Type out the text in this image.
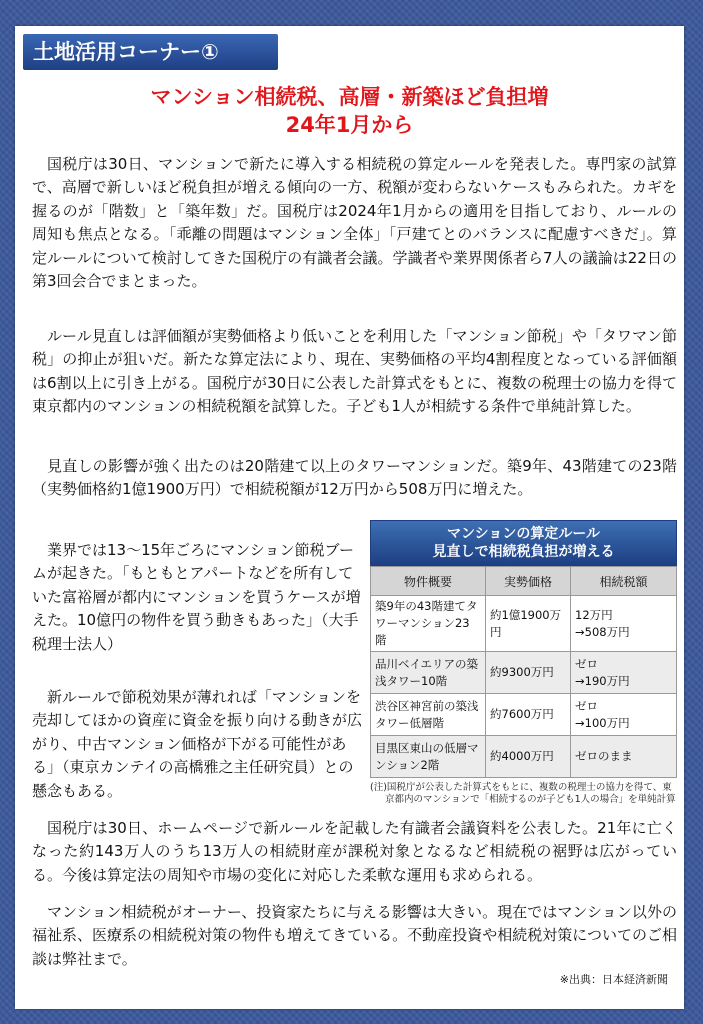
土地活用コーナー①
マンション相続税、高層・新築ほど負担増
24年1月から

国税庁は30日、マンションで新たに導入する相続税の算定ルールを発表した。専門家の試算で、高層で新しいほど税負担が増える傾向の一方、税額が変わらないケースもみられた。カギを握るのが「階数」と「築年数」だ。国税庁は2024年1月からの適用を目指しており、ルールの周知も焦点となる。「乖離の問題はマンション全体」「戸建てとのバランスに配慮すべきだ」。算定ルールについて検討してきた国税庁の有識者会議。学識者や業界関係者ら7人の議論は22日の第3回会合でまとまった。

ルール見直しは評価額が実勢価格より低いことを利用した「マンション節税」や「タワマン節税」の抑止が狙いだ。新たな算定法により、現在、実勢価格の平均4割程度となっている評価額は6割以上に引き上がる。国税庁が30日に公表した計算式をもとに、複数の税理士の協力を得て東京都内のマンションの相続税額を試算した。子ども1人が相続する条件で単純計算した。

見直しの影響が強く出たのは20階建て以上のタワーマンションだ。築9年、43階建ての23階（実勢価格約1億1900万円）で相続税額が12万円から508万円に増えた。

業界では13～15年ごろにマンション節税ブームが起きた。「もともとアパートなどを所有していた富裕層が都内にマンションを買うケースが増えた。10億円の物件を買う動きもあった」（大手税理士法人）

新ルールで節税効果が薄れれば「マンションを売却してほかの資産に資金を振り向ける動きが広がり、中古マンション価格が下がる可能性がある」（東京カンテイの高橋雅之主任研究員）との懸念もある。

マンションの算定ルール
見直しで相続税負担が増える
物件概要	実勢価格	相続税額
築9年の43階建てタワーマンション23階	約1億1900万円	12万円
→508万円
品川ベイエリアの築浅タワー10階	約9300万円	ゼロ
→190万円
渋谷区神宮前の築浅タワー低層階	約7600万円	ゼロ
→100万円
目黒区東山の低層マンション2階	約4000万円	ゼロのまま
(注)国税庁が公表した計算式をもとに、複数の税理士の協力を得て、東京都内のマンションで「相続するのが子ども1人の場合」を単純計算

国税庁は30日、ホームページで新ルールを記載した有識者会議資料を公表した。21年に亡くなった約143万人のうち13万人の相続財産が課税対象となるなど相続税の裾野は広がっている。今後は算定法の周知や市場の変化に対応した柔軟な運用も求められる。

マンション相続税がオーナー、投資家たちに与える影響は大きい。現在ではマンション以外の福祉系、医療系の相続税対策の物件も増えてきている。不動産投資や相続税対策についてのご相談は弊社まで。

※出典：日本経済新聞
